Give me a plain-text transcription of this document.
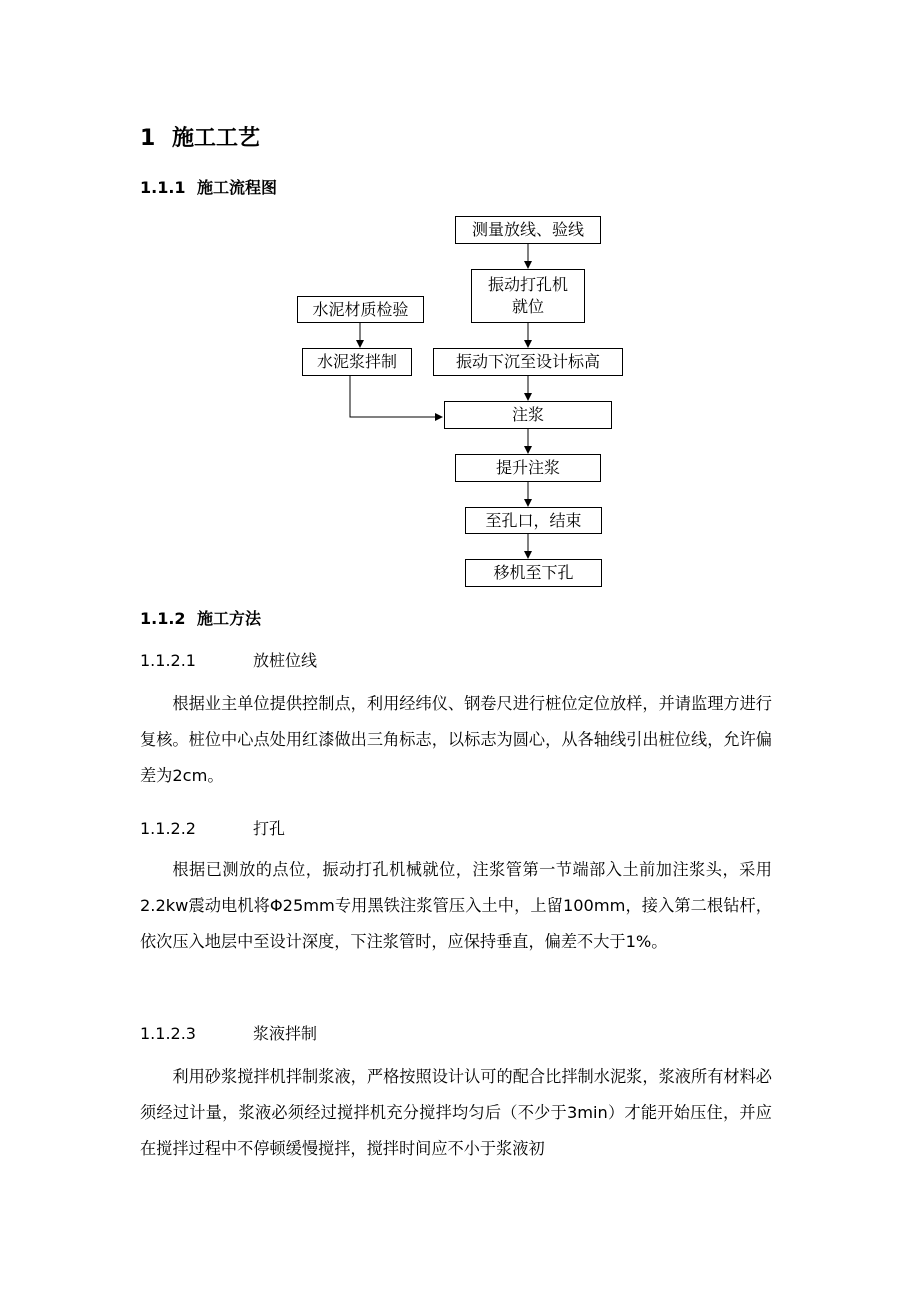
1 施工工艺
1.1.1 施工流程图
测量放线、验线
振动打孔机
就位
水泥材质检验
水泥浆拌制	振动下沉至设计标高
注浆
提升注浆
至孔口，结束
移机至下孔
1.1.2 施工方法
1.1.2.1	放桩位线
根据业主单位提供控制点，利用经纬仪、钢卷尺进行桩位定位放样，并请监理方进行复核。桩位中心点处用红漆做出三角标志，以标志为圆心，从各轴线引出桩位线，允许偏差为2cm。
1.1.2.2	打孔
根据已测放的点位，振动打孔机械就位，注浆管第一节端部入土前加注浆头，采用2.2kw震动电机将Φ25mm专用黑铁注浆管压入土中，上留100mm，接入第二根钻杆，依次压入地层中至设计深度，下注浆管时，应保持垂直，偏差不大于1%。
1.1.2.3	浆液拌制
利用砂浆搅拌机拌制浆液，严格按照设计认可的配合比拌制水泥浆，浆液所有材料必须经过计量，浆液必须经过搅拌机充分搅拌均匀后（不少于3min）才能开始压住，并应在搅拌过程中不停顿缓慢搅拌，搅拌时间应不小于浆液初
